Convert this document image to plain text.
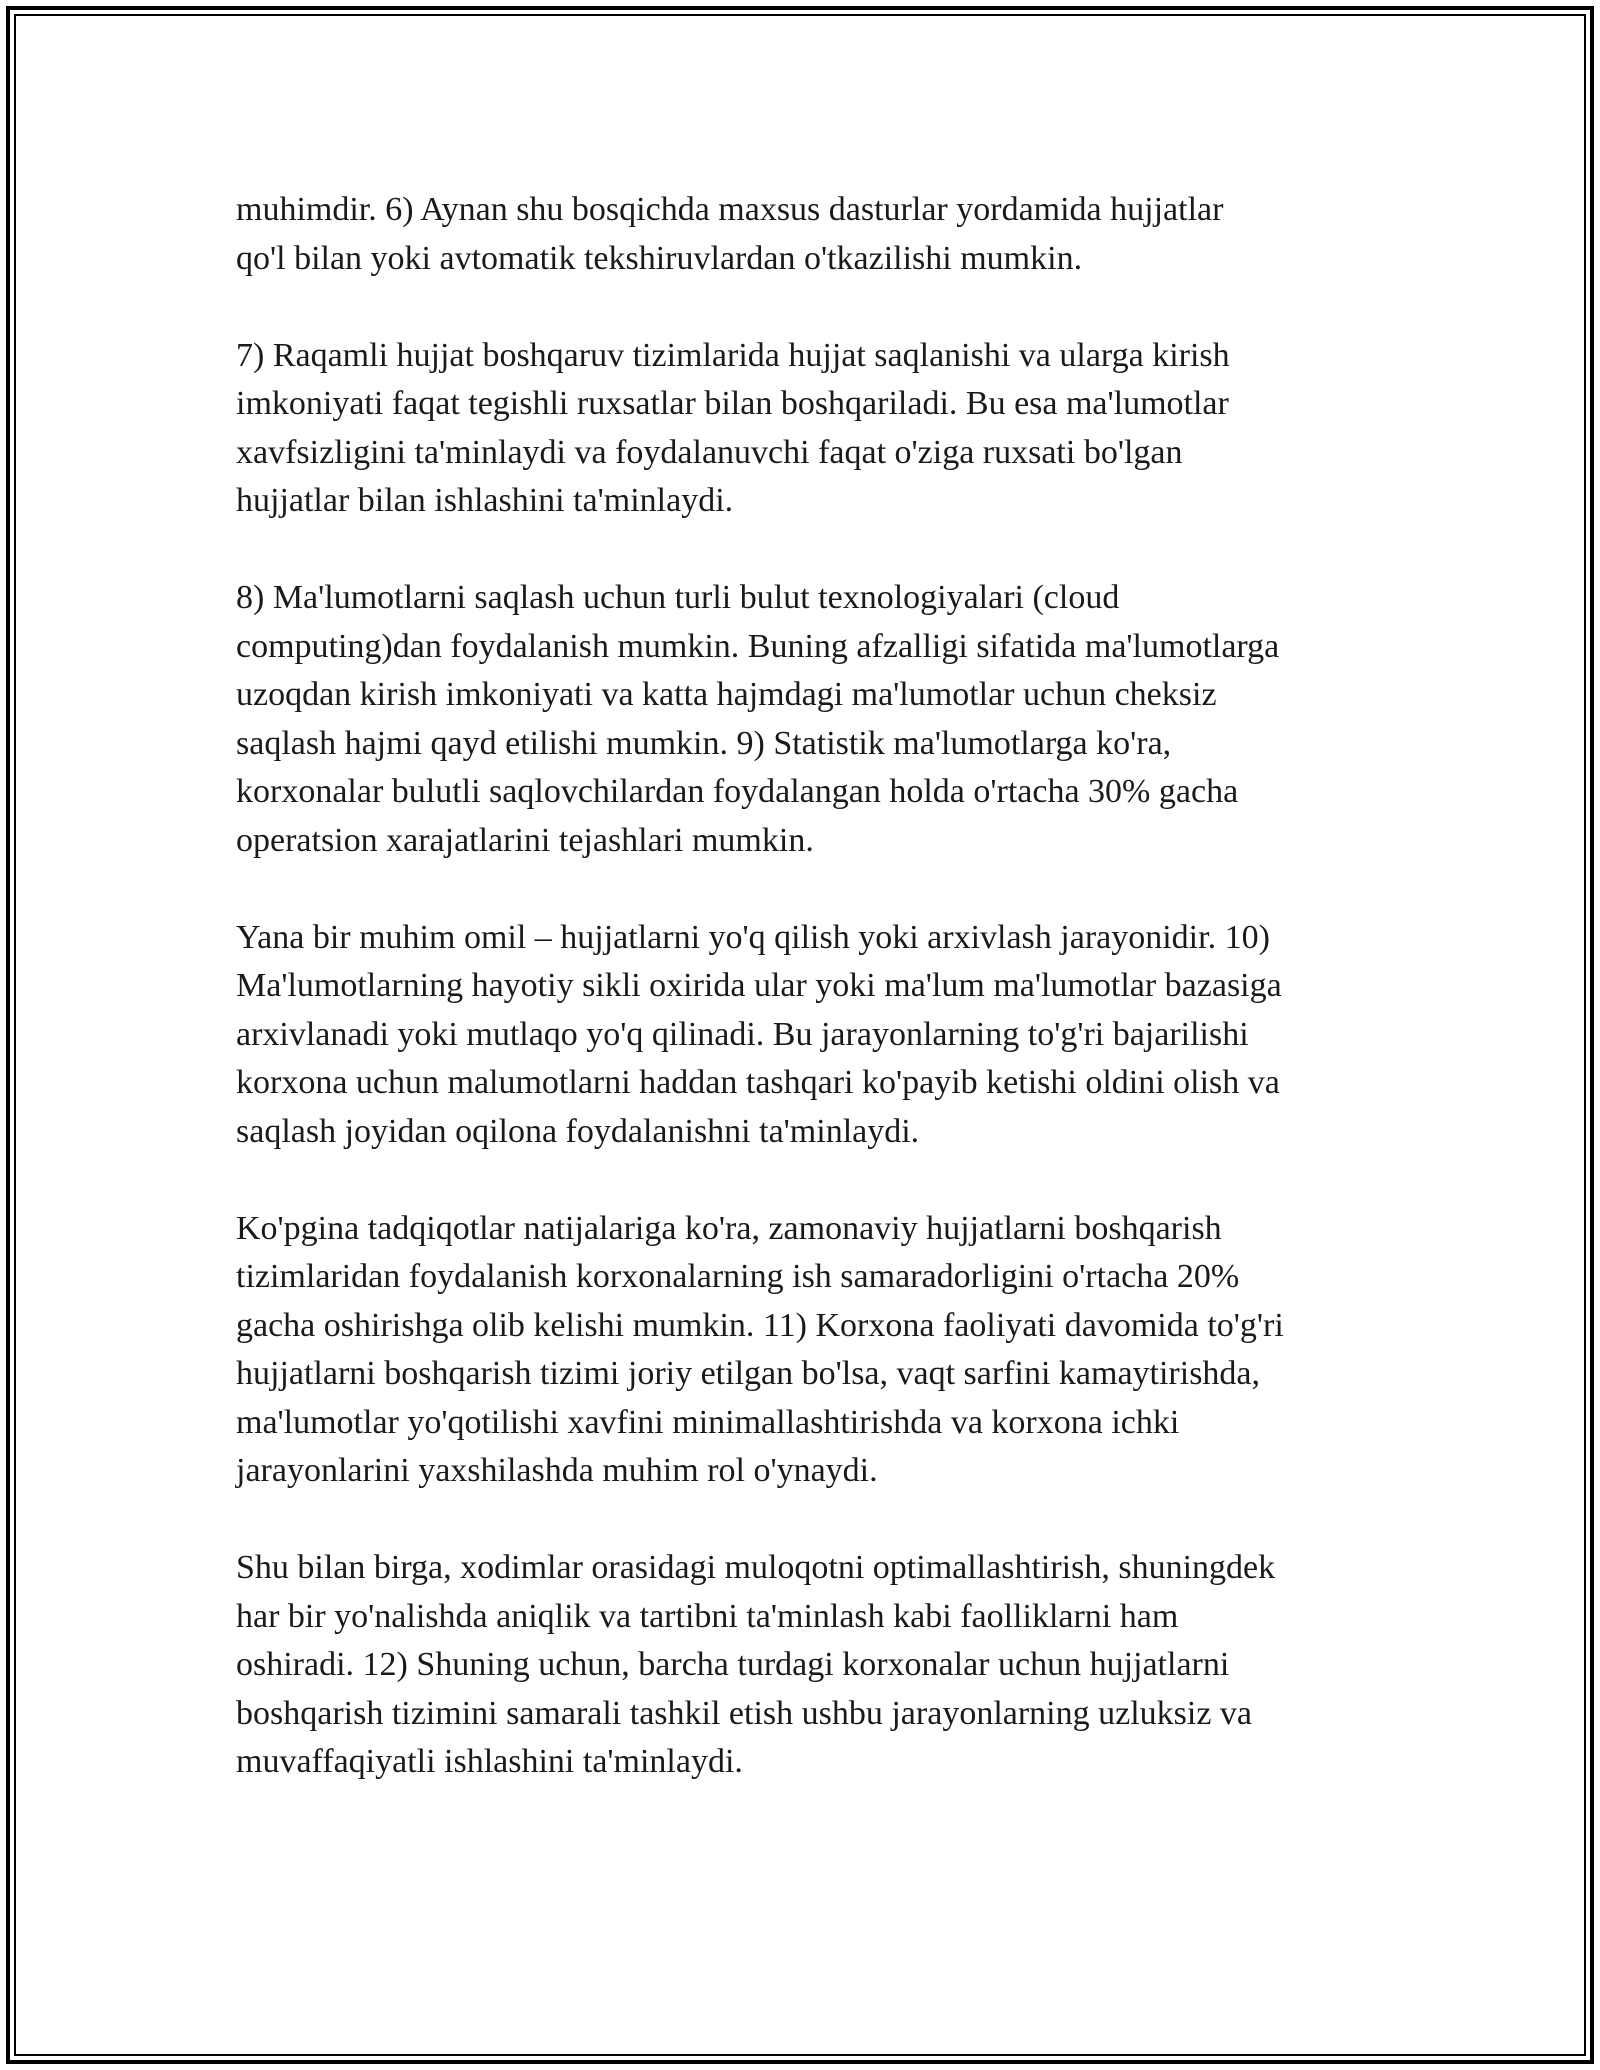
muhimdir. 6) Aynan shu bosqichda maxsus dasturlar yordamida hujjatlar
qo'l bilan yoki avtomatik tekshiruvlardan o'tkazilishi mumkin.

7) Raqamli hujjat boshqaruv tizimlarida hujjat saqlanishi va ularga kirish
imkoniyati faqat tegishli ruxsatlar bilan boshqariladi. Bu esa ma'lumotlar
xavfsizligini ta'minlaydi va foydalanuvchi faqat o'ziga ruxsati bo'lgan
hujjatlar bilan ishlashini ta'minlaydi.

8) Ma'lumotlarni saqlash uchun turli bulut texnologiyalari (cloud
computing)dan foydalanish mumkin. Buning afzalligi sifatida ma'lumotlarga
uzoqdan kirish imkoniyati va katta hajmdagi ma'lumotlar uchun cheksiz
saqlash hajmi qayd etilishi mumkin. 9) Statistik ma'lumotlarga ko'ra,
korxonalar bulutli saqlovchilardan foydalangan holda o'rtacha 30% gacha
operatsion xarajatlarini tejashlari mumkin.

Yana bir muhim omil – hujjatlarni yo'q qilish yoki arxivlash jarayonidir. 10)
Ma'lumotlarning hayotiy sikli oxirida ular yoki ma'lum ma'lumotlar bazasiga
arxivlanadi yoki mutlaqo yo'q qilinadi. Bu jarayonlarning to'g'ri bajarilishi
korxona uchun malumotlarni haddan tashqari ko'payib ketishi oldini olish va
saqlash joyidan oqilona foydalanishni ta'minlaydi.

Ko'pgina tadqiqotlar natijalariga ko'ra, zamonaviy hujjatlarni boshqarish
tizimlaridan foydalanish korxonalarning ish samaradorligini o'rtacha 20%
gacha oshirishga olib kelishi mumkin. 11) Korxona faoliyati davomida to'g'ri
hujjatlarni boshqarish tizimi joriy etilgan bo'lsa, vaqt sarfini kamaytirishda,
ma'lumotlar yo'qotilishi xavfini minimallashtirishda va korxona ichki
jarayonlarini yaxshilashda muhim rol o'ynaydi.

Shu bilan birga, xodimlar orasidagi muloqotni optimallashtirish, shuningdek
har bir yo'nalishda aniqlik va tartibni ta'minlash kabi faolliklarni ham
oshiradi. 12) Shuning uchun, barcha turdagi korxonalar uchun hujjatlarni
boshqarish tizimini samarali tashkil etish ushbu jarayonlarning uzluksiz va
muvaffaqiyatli ishlashini ta'minlaydi.
